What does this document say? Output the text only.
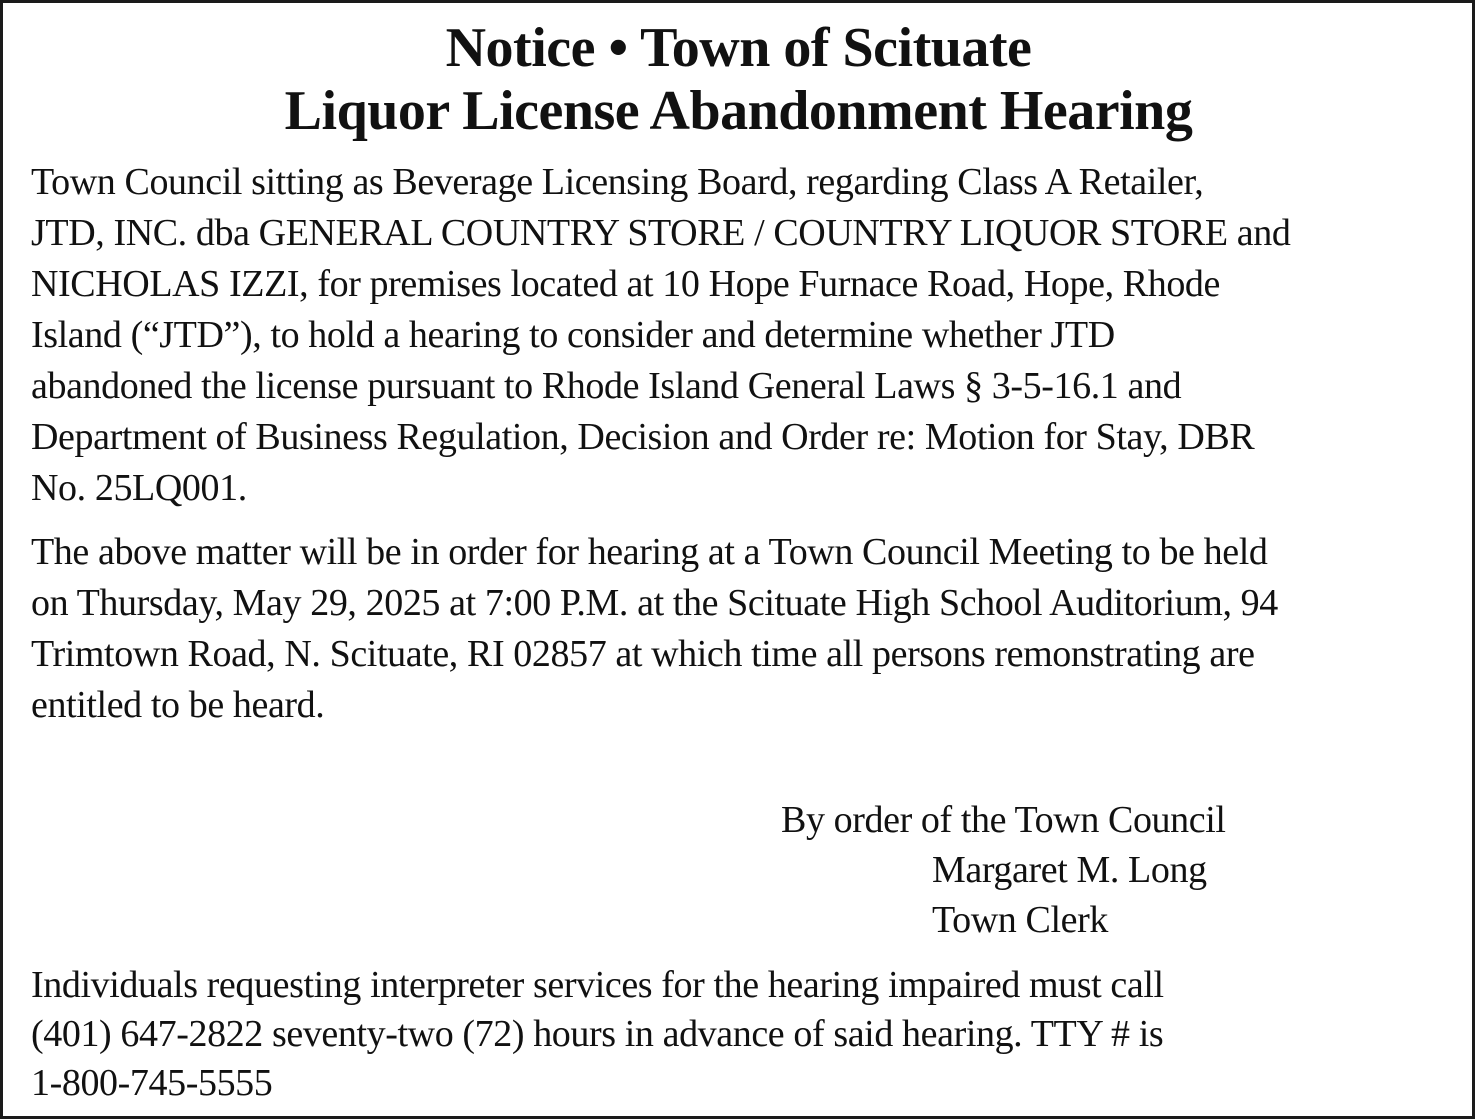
Notice • Town of Scituate
Liquor License Abandonment Hearing

Town Council sitting as Beverage Licensing Board, regarding Class A Retailer,
JTD, INC. dba GENERAL COUNTRY STORE / COUNTRY LIQUOR STORE and
NICHOLAS IZZI, for premises located at 10 Hope Furnace Road, Hope, Rhode
Island (“JTD”), to hold a hearing to consider and determine whether JTD
abandoned the license pursuant to Rhode Island General Laws § 3-5-16.1 and
Department of Business Regulation, Decision and Order re: Motion for Stay, DBR
No. 25LQ001.

The above matter will be in order for hearing at a Town Council Meeting to be held
on Thursday, May 29, 2025 at 7:00 P.M. at the Scituate High School Auditorium, 94
Trimtown Road, N. Scituate, RI 02857 at which time all persons remonstrating are
entitled to be heard.

By order of the Town Council
Margaret M. Long
Town Clerk

Individuals requesting interpreter services for the hearing impaired must call
(401) 647-2822 seventy-two (72) hours in advance of said hearing. TTY # is
1-800-745-5555
